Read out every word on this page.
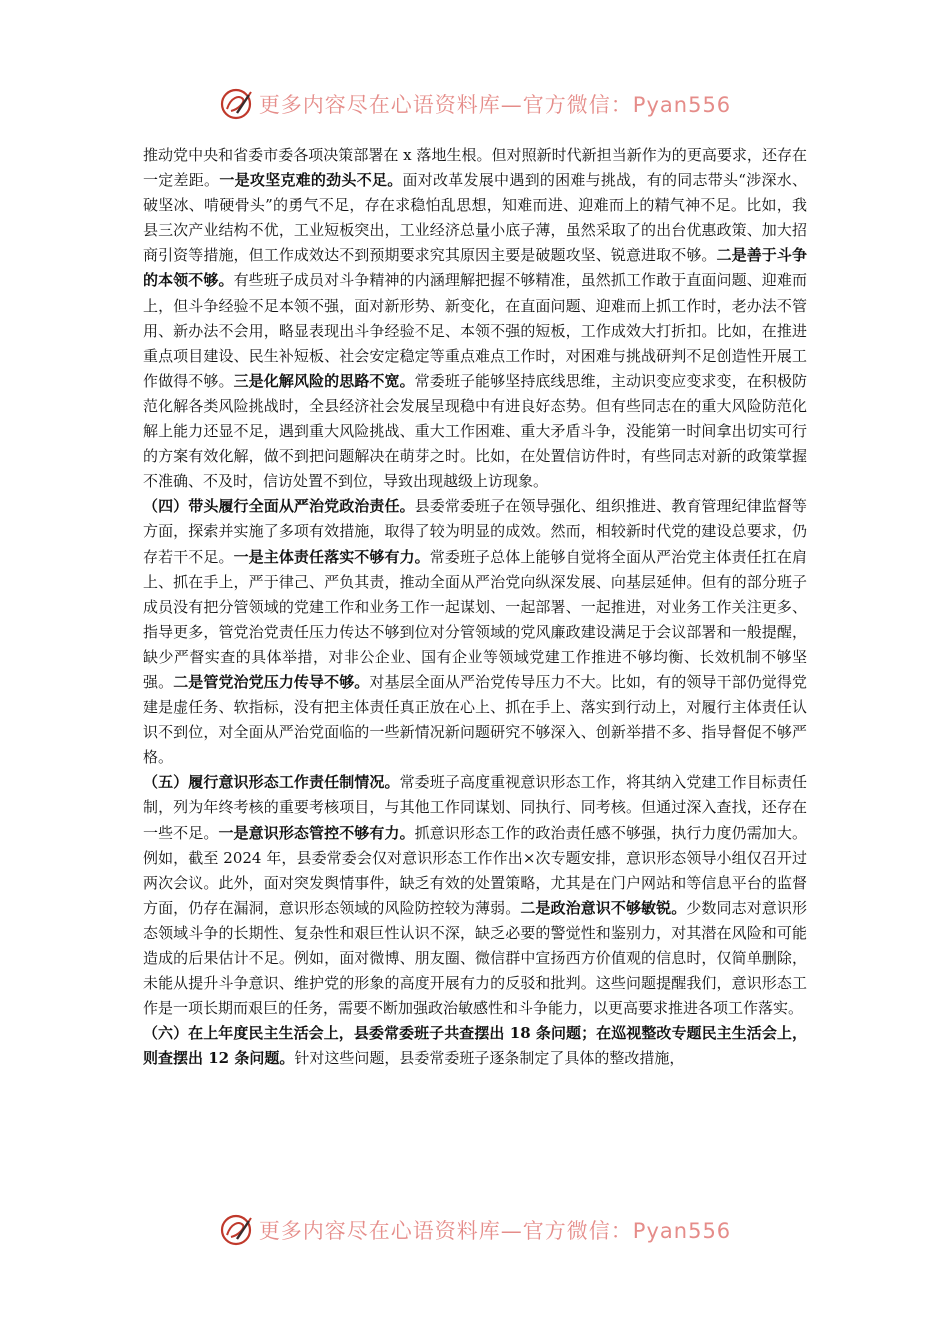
更多内容尽在心语资料库—官方微信：Pyan556

推动党中央和省委市委各项决策部署在 x 落地生根。但对照新时代新担当新作为的更高要求，还存在一定差距。一是攻坚克难的劲头不足。面对改革发展中遇到的困难与挑战，有的同志带头“涉深水、破坚冰、啃硬骨头”的勇气不足，存在求稳怕乱思想，知难而进、迎难而上的精气神不足。比如，我县三次产业结构不优，工业短板突出，工业经济总量小底子薄，虽然采取了的出台优惠政策、加大招商引资等措施，但工作成效达不到预期要求究其原因主要是破题攻坚、锐意进取不够。二是善于斗争的本领不够。有些班子成员对斗争精神的内涵理解把握不够精准，虽然抓工作敢于直面问题、迎难而上，但斗争经验不足本领不强，面对新形势、新变化，在直面问题、迎难而上抓工作时，老办法不管用、新办法不会用，略显表现出斗争经验不足、本领不强的短板，工作成效大打折扣。比如，在推进重点项目建设、民生补短板、社会安定稳定等重点难点工作时，对困难与挑战研判不足创造性开展工作做得不够。三是化解风险的思路不宽。常委班子能够坚持底线思维，主动识变应变求变，在积极防范化解各类风险挑战时，全县经济社会发展呈现稳中有进良好态势。但有些同志在的重大风险防范化解上能力还显不足，遇到重大风险挑战、重大工作困难、重大矛盾斗争，没能第一时间拿出切实可行的方案有效化解，做不到把问题解决在萌芽之时。比如，在处置信访件时，有些同志对新的政策掌握不准确、不及时，信访处置不到位，导致出现越级上访现象。

（四）带头履行全面从严治党政治责任。县委常委班子在领导强化、组织推进、教育管理纪律监督等方面，探索并实施了多项有效措施，取得了较为明显的成效。然而，相较新时代党的建设总要求，仍存若干不足。一是主体责任落实不够有力。常委班子总体上能够自觉将全面从严治党主体责任扛在肩上、抓在手上，严于律己、严负其责，推动全面从严治党向纵深发展、向基层延伸。但有的部分班子成员没有把分管领域的党建工作和业务工作一起谋划、一起部署、一起推进，对业务工作关注更多、指导更多，管党治党责任压力传达不够到位对分管领域的党风廉政建设满足于会议部署和一般提醒，缺少严督实查的具体举措，对非公企业、国有企业等领域党建工作推进不够均衡、长效机制不够坚强。二是管党治党压力传导不够。对基层全面从严治党传导压力不大。比如，有的领导干部仍觉得党建是虚任务、软指标，没有把主体责任真正放在心上、抓在手上、落实到行动上，对履行主体责任认识不到位，对全面从严治党面临的一些新情况新问题研究不够深入、创新举措不多、指导督促不够严格。

（五）履行意识形态工作责任制情况。常委班子高度重视意识形态工作，将其纳入党建工作目标责任制，列为年终考核的重要考核项目，与其他工作同谋划、同执行、同考核。但通过深入查找，还存在一些不足。一是意识形态管控不够有力。抓意识形态工作的政治责任感不够强，执行力度仍需加大。例如，截至 2024 年，县委常委会仅对意识形态工作作出×次专题安排，意识形态领导小组仅召开过两次会议。此外，面对突发舆情事件，缺乏有效的处置策略，尤其是在门户网站和等信息平台的监督方面，仍存在漏洞，意识形态领域的风险防控较为薄弱。二是政治意识不够敏锐。少数同志对意识形态领域斗争的长期性、复杂性和艰巨性认识不深，缺乏必要的警觉性和鉴别力，对其潜在风险和可能造成的后果估计不足。例如，面对微博、朋友圈、微信群中宣扬西方价值观的信息时，仅简单删除，未能从提升斗争意识、维护党的形象的高度开展有力的反驳和批判。这些问题提醒我们，意识形态工作是一项长期而艰巨的任务，需要不断加强政治敏感性和斗争能力，以更高要求推进各项工作落实。

（六）在上年度民主生活会上，县委常委班子共查摆出 18 条问题；在巡视整改专题民主生活会上，则查摆出 12 条问题。针对这些问题，县委常委班子逐条制定了具体的整改措施，

更多内容尽在心语资料库—官方微信：Pyan556
